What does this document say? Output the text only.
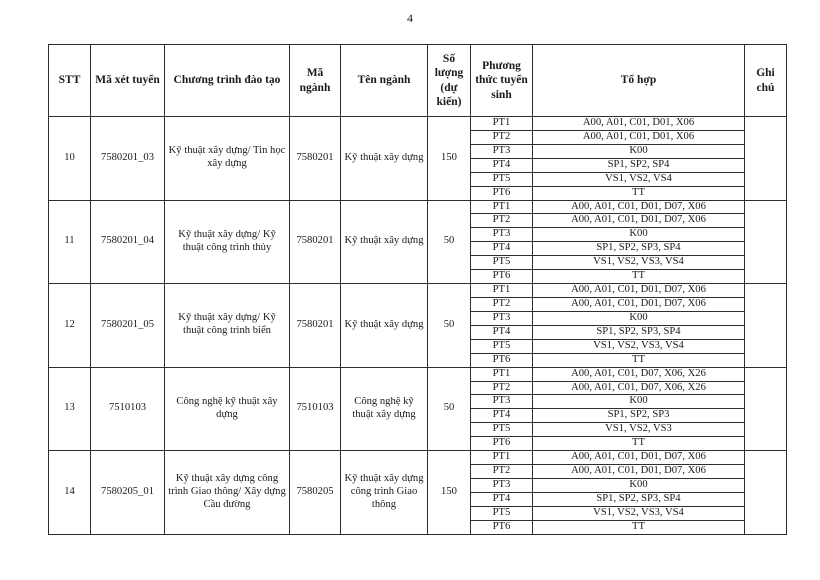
4
STT	Mã xét tuyển	Chương trình đào tạo	Mã ngành	Tên ngành	Số lượng (dự kiến)	Phương thức tuyển sinh	Tổ hợp	Ghi chú
10	7580201_03	Kỹ thuật xây dựng/ Tin học xây dựng	7580201	Kỹ thuật xây dựng	150	PT1	A00, A01, C01, D01, X06	
						PT2	A00, A01, C01, D01, X06	
						PT3	K00	
						PT4	SP1, SP2, SP4	
						PT5	VS1, VS2, VS4	
						PT6	TT	
11	7580201_04	Kỹ thuật xây dựng/ Kỹ thuật công trình thủy	7580201	Kỹ thuật xây dựng	50	PT1	A00, A01, C01, D01, D07, X06	
						PT2	A00, A01, C01, D01, D07, X06	
						PT3	K00	
						PT4	SP1, SP2, SP3, SP4	
						PT5	VS1, VS2, VS3, VS4	
						PT6	TT	
12	7580201_05	Kỹ thuật xây dựng/ Kỹ thuật công trình biển	7580201	Kỹ thuật xây dựng	50	PT1	A00, A01, C01, D01, D07, X06	
						PT2	A00, A01, C01, D01, D07, X06	
						PT3	K00	
						PT4	SP1, SP2, SP3, SP4	
						PT5	VS1, VS2, VS3, VS4	
						PT6	TT	
13	7510103	Công nghệ kỹ thuật xây dựng	7510103	Công nghệ kỹ thuật xây dựng	50	PT1	A00, A01, C01, D07, X06, X26	
						PT2	A00, A01, C01, D07, X06, X26	
						PT3	K00	
						PT4	SP1, SP2, SP3	
						PT5	VS1, VS2, VS3	
						PT6	TT	
14	7580205_01	Kỹ thuật xây dựng công trình Giao thông/ Xây dựng Cầu đường	7580205	Kỹ thuật xây dựng công trình Giao thông	150	PT1	A00, A01, C01, D01, D07, X06	
						PT2	A00, A01, C01, D01, D07, X06	
						PT3	K00	
						PT4	SP1, SP2, SP3, SP4	
						PT5	VS1, VS2, VS3, VS4	
						PT6	TT	
